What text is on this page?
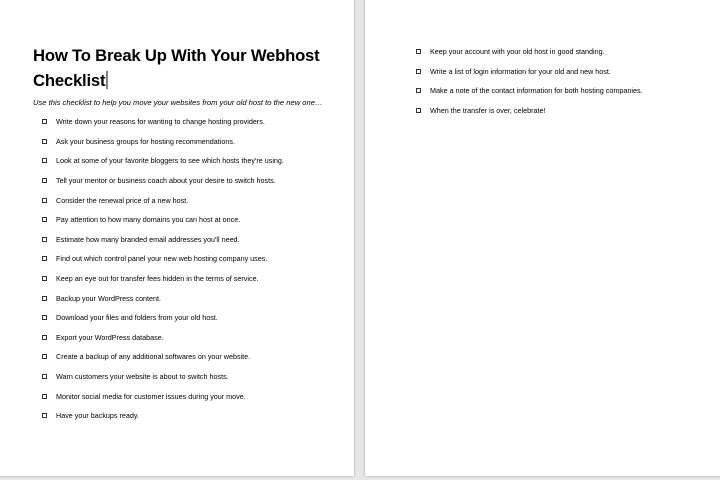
How To Break Up With Your Webhost
Checklist
Use this checklist to help you move your websites from your old host to the new one…
Write down your reasons for wanting to change hosting providers.
Ask your business groups for hosting recommendations.
Look at some of your favorite bloggers to see which hosts they're using.
Tell your mentor or business coach about your desire to switch hosts.
Consider the renewal price of a new host.
Pay attention to how many domains you can host at once.
Estimate how many branded email addresses you'll need.
Find out which control panel your new web hosting company uses.
Keep an eye out for transfer fees hidden in the terms of service.
Backup your WordPress content.
Download your files and folders from your old host.
Export your WordPress database.
Create a backup of any additional softwares on your website.
Warn customers your website is about to switch hosts.
Monitor social media for customer issues during your move.
Have your backups ready.
Keep your account with your old host in good standing.
Write a list of login information for your old and new host.
Make a note of the contact information for both hosting companies.
When the transfer is over, celebrate!
